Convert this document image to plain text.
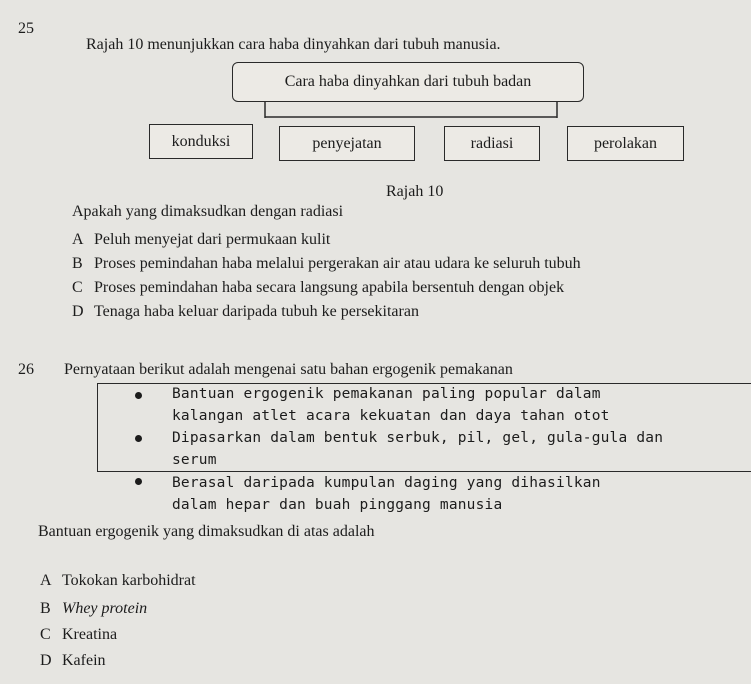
25
Rajah 10 menunjukkan cara haba dinyahkan dari tubuh manusia.
Cara haba dinyahkan dari tubuh badan
konduksi	penyejatan	radiasi	perolakan
Rajah 10
Apakah yang dimaksudkan dengan radiasi
A Peluh menyejat dari permukaan kulit
B Proses pemindahan haba melalui pergerakan air atau udara ke seluruh tubuh
C Proses pemindahan haba secara langsung apabila bersentuh dengan objek
D Tenaga haba keluar daripada tubuh ke persekitaran
26 Pernyataan berikut adalah mengenai satu bahan ergogenik pemakanan
Bantuan ergogenik pemakanan paling popular dalam
kalangan atlet acara kekuatan dan daya tahan otot
Dipasarkan dalam bentuk serbuk, pil, gel, gula-gula dan
serum
Berasal daripada kumpulan daging yang dihasilkan
dalam hepar dan buah pinggang manusia
Bantuan ergogenik yang dimaksudkan di atas adalah
A Tokokan karbohidrat
B Whey protein
C Kreatina
D Kafein
